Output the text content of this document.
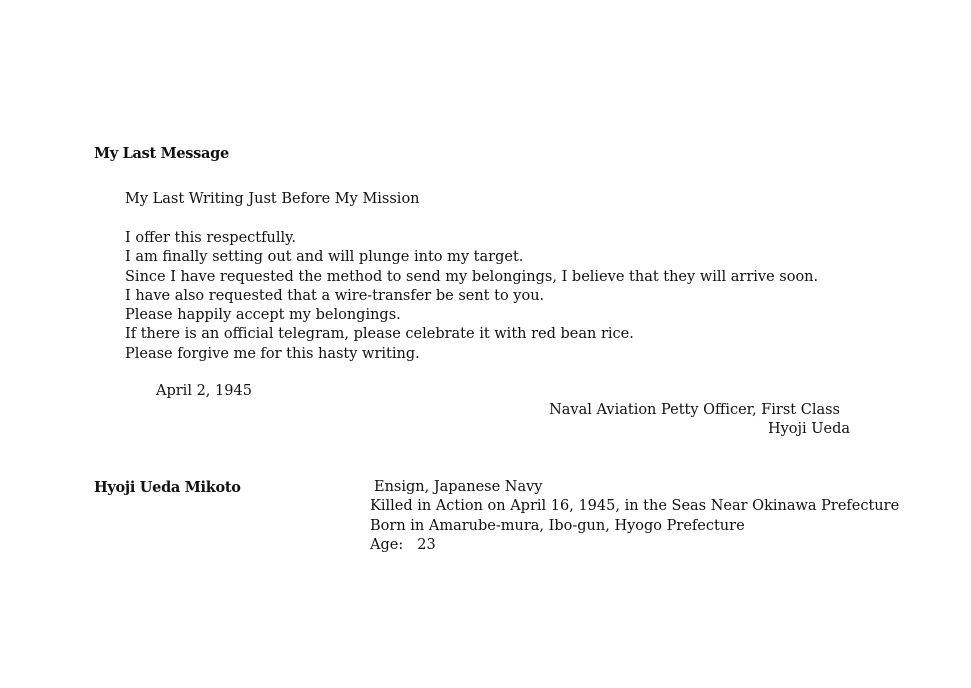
My Last Message
My Last Writing Just Before My Mission
I offer this respectfully.
I am finally setting out and will plunge into my target.
Since I have requested the method to send my belongings, I believe that they will arrive soon.
I have also requested that a wire-transfer be sent to you.
Please happily accept my belongings.
If there is an official telegram, please celebrate it with red bean rice.
Please forgive me for this hasty writing.
April 2, 1945
Naval Aviation Petty Officer, First Class
Hyoji Ueda
Hyoji Ueda Mikoto	Ensign, Japanese Navy
Killed in Action on April 16, 1945, in the Seas Near Okinawa Prefecture
Born in Amarube-mura, Ibo-gun, Hyogo Prefecture
Age: 23
